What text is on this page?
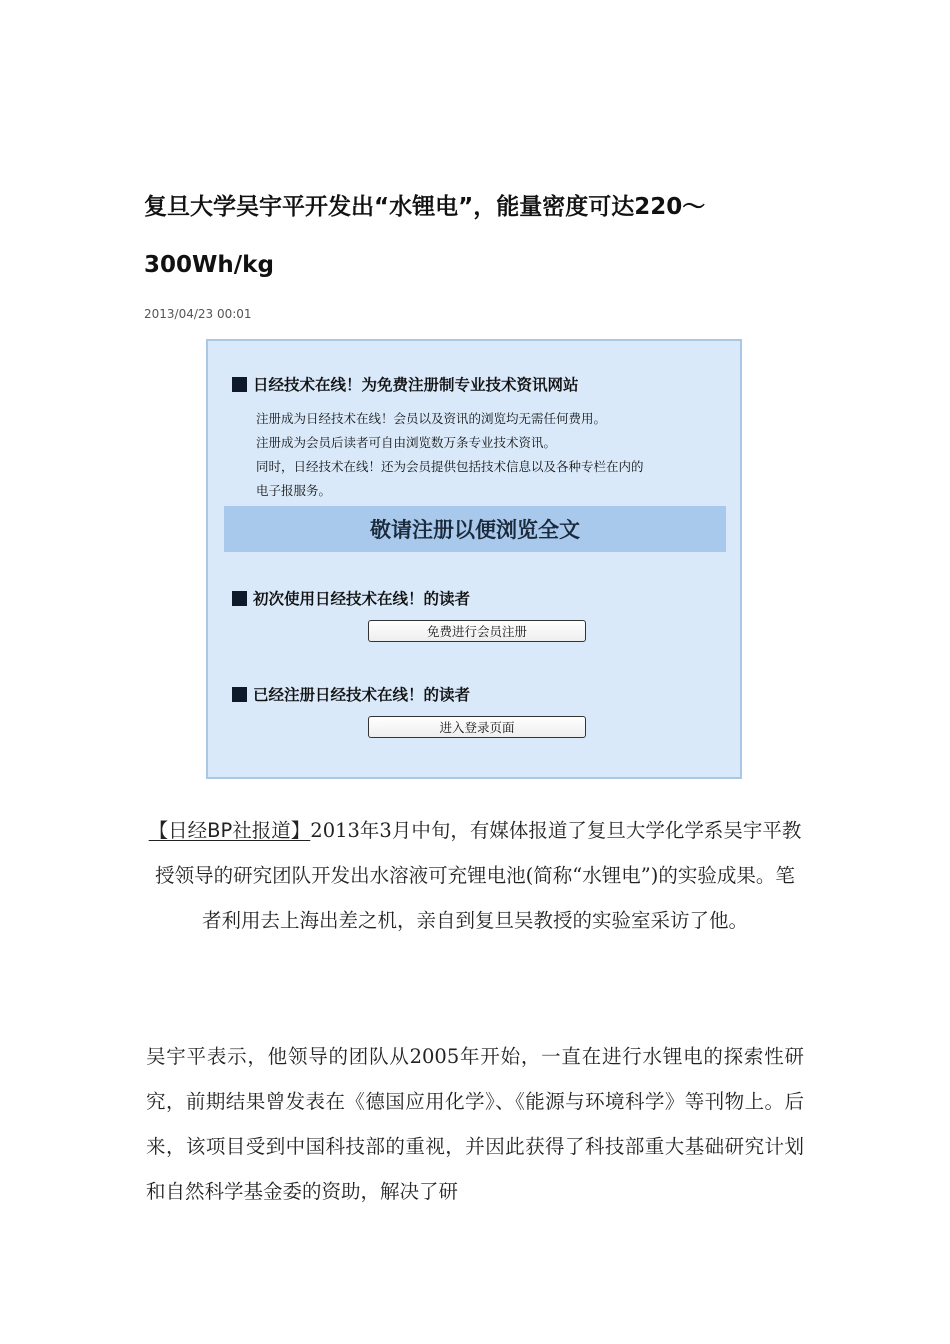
复旦大学吴宇平开发出“水锂电”，能量密度可达220～300Wh/kg
2013/04/23 00:01
日经技术在线！为免费注册制专业技术资讯网站

注册成为日经技术在线！会员以及资讯的浏览均无需任何费用。

注册成为会员后读者可自由浏览数万条专业技术资讯。

同时，日经技术在线！还为会员提供包括技术信息以及各种专栏在内的

电子报服务。

敬请注册以便浏览全文
初次使用日经技术在线！的读者
免费进行会员注册
已经注册日经技术在线！的读者
进入登录页面

【日经BP社报道】2013年3月中旬，有媒体报道了复旦大学化学系吴宇平教授领导的研究团队开发出水溶液可充锂电池(简称“水锂电”)的实验成果。笔者利用去上海出差之机，亲自到复旦吴教授的实验室采访了他。

吴宇平表示，他领导的团队从2005年开始，一直在进行水锂电的探索性研究，前期结果曾发表在《德国应用化学》、《能源与环境科学》等刊物上。后来，该项目受到中国科技部的重视，并因此获得了科技部重大基础研究计划和自然科学基金委的资助，解决了研
